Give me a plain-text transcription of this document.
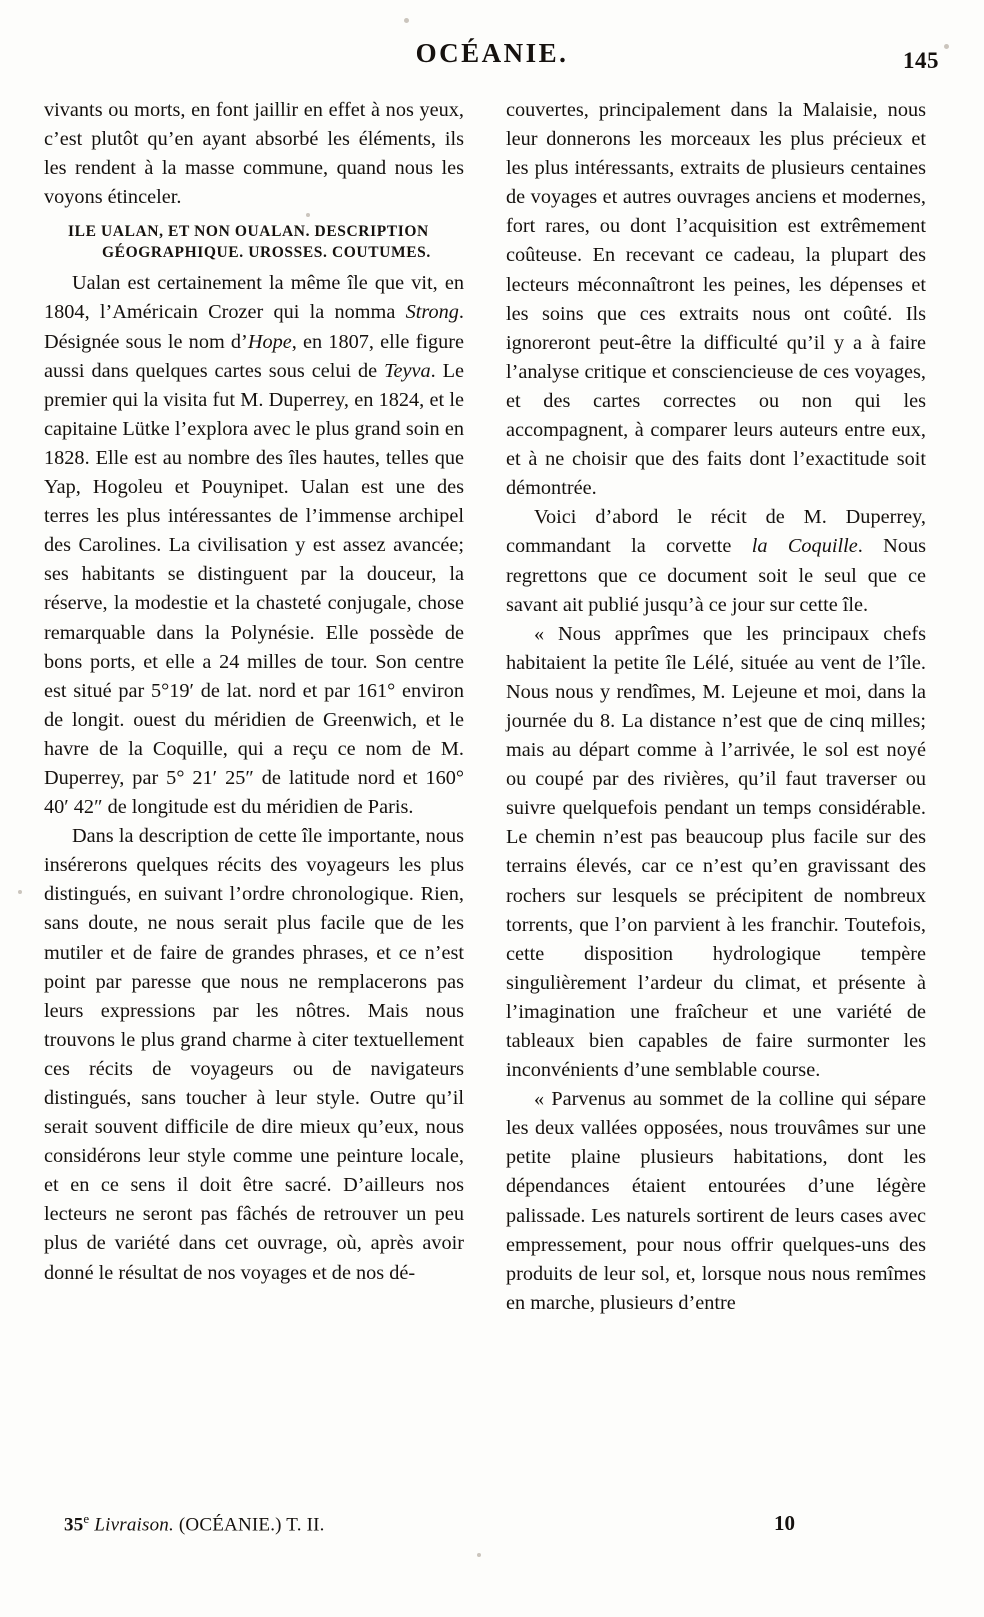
OCÉANIE.	145

vivants ou morts, en font jaillir en effet à nos yeux, c’est plutôt qu’en ayant absorbé les éléments, ils les rendent à la masse commune, quand nous les voyons étinceler.

ILE UALAN, ET NON OUALAN. DESCRIPTION
GÉOGRAPHIQUE. UROSSES. COUTUMES.

Ualan est certainement la même île que vit, en 1804, l’Américain Crozer qui la nomma Strong. Désignée sous le nom d’Hope, en 1807, elle figure aussi dans quelques cartes sous celui de Teyva. Le premier qui la visita fut M. Duperrey, en 1824, et le capitaine Lütke l’explora avec le plus grand soin en 1828. Elle est au nombre des îles hautes, telles que Yap, Hogoleu et Pouynipet. Ualan est une des terres les plus intéressantes de l’immense archipel des Carolines. La civilisation y est assez avancée; ses habitants se distinguent par la douceur, la réserve, la modestie et la chasteté conjugale, chose remarquable dans la Polynésie. Elle possède de bons ports, et elle a 24 milles de tour. Son centre est situé par 5°19′ de lat. nord et par 161° environ de longit. ouest du méridien de Greenwich, et le havre de la Coquille, qui a reçu ce nom de M. Duperrey, par 5° 21′ 25″ de latitude nord et 160° 40′ 42″ de longitude est du méridien de Paris.

Dans la description de cette île importante, nous insérerons quelques récits des voyageurs les plus distingués, en suivant l’ordre chronologique. Rien, sans doute, ne nous serait plus facile que de les mutiler et de faire de grandes phrases, et ce n’est point par paresse que nous ne remplacerons pas leurs expressions par les nôtres. Mais nous trouvons le plus grand charme à citer textuellement ces récits de voyageurs ou de navigateurs distingués, sans toucher à leur style. Outre qu’il serait souvent difficile de dire mieux qu’eux, nous considérons leur style comme une peinture locale, et en ce sens il doit être sacré. D’ailleurs nos lecteurs ne seront pas fâchés de retrouver un peu plus de variété dans cet ouvrage, où, après avoir donné le résultat de nos voyages et de nos dé-

couvertes, principalement dans la Malaisie, nous leur donnerons les morceaux les plus précieux et les plus intéressants, extraits de plusieurs centaines de voyages et autres ouvrages anciens et modernes, fort rares, ou dont l’acquisition est extrêmement coûteuse. En recevant ce cadeau, la plupart des lecteurs méconnaîtront les peines, les dépenses et les soins que ces extraits nous ont coûté. Ils ignoreront peut-être la difficulté qu’il y a à faire l’analyse critique et consciencieuse de ces voyages, et des cartes correctes ou non qui les accompagnent, à comparer leurs auteurs entre eux, et à ne choisir que des faits dont l’exactitude soit démontrée.

Voici d’abord le récit de M. Duperrey, commandant la corvette la Coquille. Nous regrettons que ce document soit le seul que ce savant ait publié jusqu’à ce jour sur cette île.

« Nous apprîmes que les principaux chefs habitaient la petite île Lélé, située au vent de l’île. Nous nous y rendîmes, M. Lejeune et moi, dans la journée du 8. La distance n’est que de cinq milles; mais au départ comme à l’arrivée, le sol est noyé ou coupé par des rivières, qu’il faut traverser ou suivre quelquefois pendant un temps considérable. Le chemin n’est pas beaucoup plus facile sur des terrains élevés, car ce n’est qu’en gravissant des rochers sur lesquels se précipitent de nombreux torrents, que l’on parvient à les franchir. Toutefois, cette disposition hydrologique tempère singulièrement l’ardeur du climat, et présente à l’imagination une fraîcheur et une variété de tableaux bien capables de faire surmonter les inconvénients d’une semblable course.

« Parvenus au sommet de la colline qui sépare les deux vallées opposées, nous trouvâmes sur une petite plaine plusieurs habitations, dont les dépendances étaient entourées d’une légère palissade. Les naturels sortirent de leurs cases avec empressement, pour nous offrir quelques-uns des produits de leur sol, et, lorsque nous nous remîmes en marche, plusieurs d’entre

35e Livraison. (OCÉANIE.) T. II.	10
